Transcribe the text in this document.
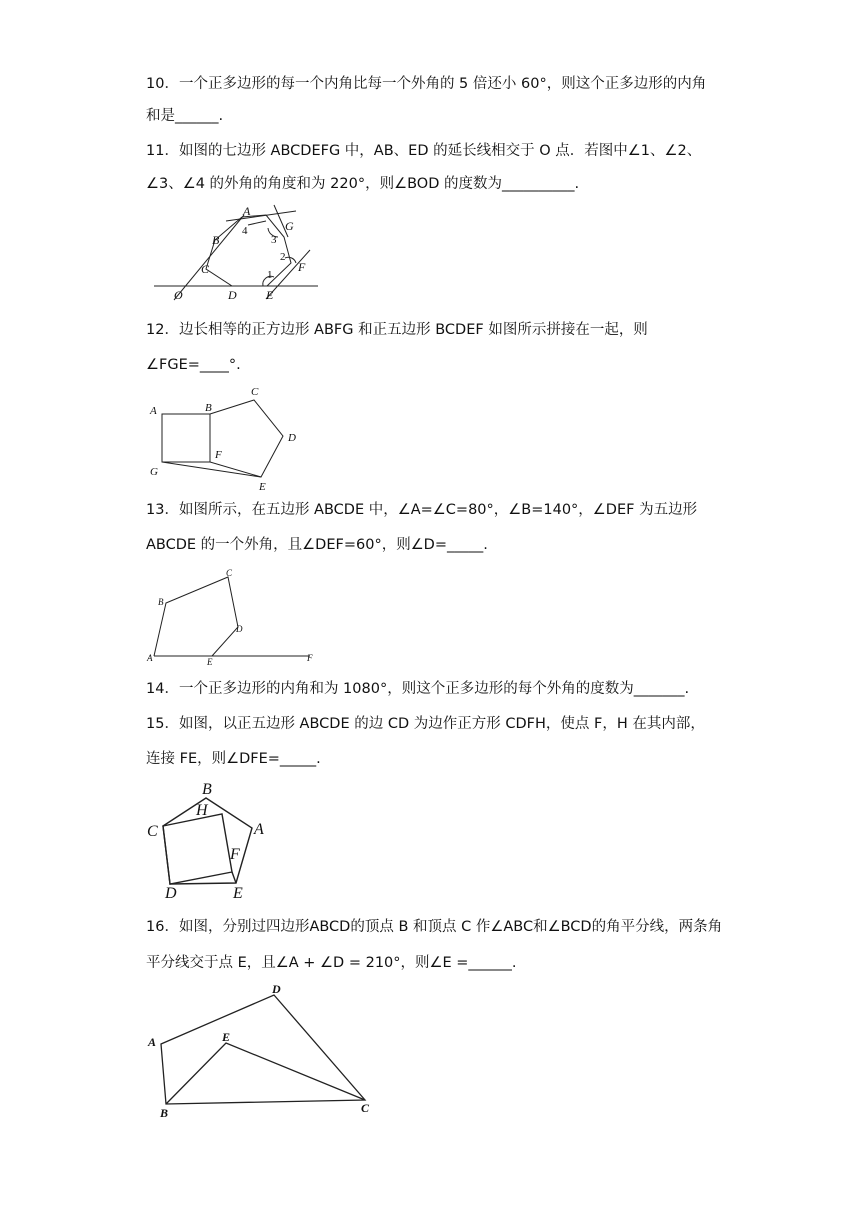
10．一个正多边形的每一个内角比每一个外角的 5 倍还小 60°，则这个正多边形的内角
和是______.
11．如图的七边形 ABCDEFG 中，AB、ED 的延长线相交于 O 点．若图中∠1、∠2、
∠3、∠4 的外角的角度和为 220°，则∠BOD 的度数为__________.
A
B
C
D E
F
G
O
1
2
3
4
12．边长相等的正方边形 ABFG 和正五边形 BCDEF 如图所示拼接在一起，则
∠FGE=____°.
A	B
C
D
E
F
G
13．如图所示，在五边形 ABCDE 中，∠A=∠C=80°，∠B=140°，∠DEF 为五边形
ABCDE 的一个外角，且∠DEF=60°，则∠D=_____.
A
B
C
D
E	F
14．一个正多边形的内角和为 1080°，则这个正多边形的每个外角的度数为_______.
15．如图，以正五边形 ABCDE 的边 CD 为边作正方形 CDFH，使点 F，H 在其内部，
连接 FE，则∠DFE=_____.
B
H
C	A
F
D	E
16．如图，分别过四边形ABCD的顶点 B 和顶点 C 作∠ABC和∠BCD的角平分线，两条角
平分线交于点 E，且∠A + ∠D = 210°，则∠E =______.
A
B	C
D
E
